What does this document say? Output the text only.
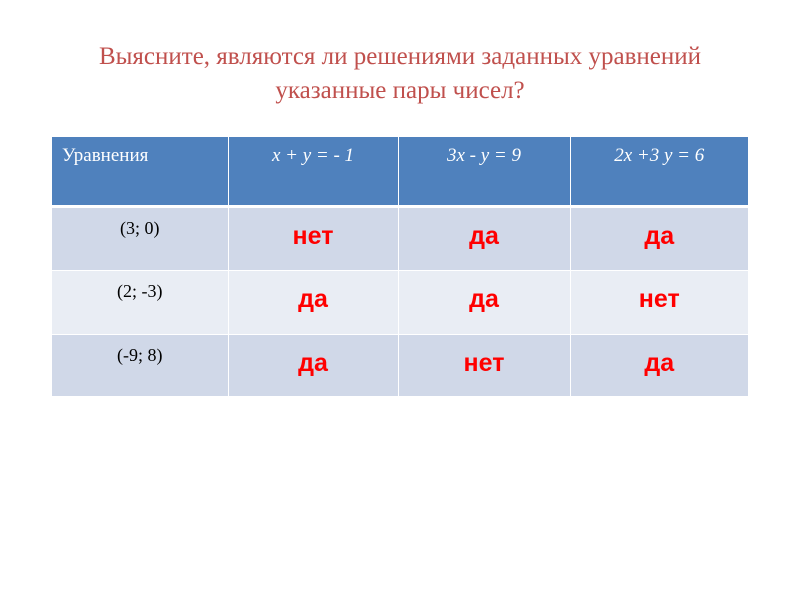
Выясните, являются ли решениями заданных уравнений указанные пары чисел?
Уравнения	x + y = - 1	3x - y = 9	2x +3 y = 6
(3; 0)	нет	да	да
(2; -3)	да	да	нет
(-9; 8)	да	нет	да
